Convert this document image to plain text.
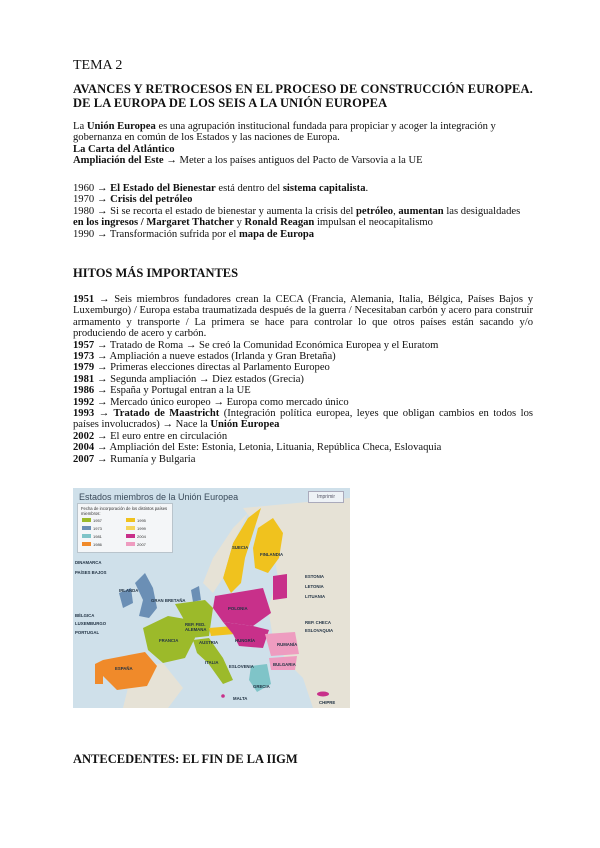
TEMA 2
AVANCES Y RETROCESOS EN EL PROCESO DE CONSTRUCCIÓN EUROPEA.
DE LA EUROPA DE LOS SEIS A LA UNIÓN EUROPEA

La Unión Europea es una agrupación institucional fundada para propiciar y acoger la integración y gobernanza en común de los Estados y las naciones de Europa.

La Carta del Atlántico

Ampliación del Este → Meter a los países antiguos del Pacto de Varsovia a la UE

1960 → El Estado del Bienestar está dentro del sistema capitalista.

1970 → Crisis del petróleo

1980 → Si se recorta el estado de bienestar y aumenta la crisis del petróleo, aumentan las desigualdades

en los ingresos / Margaret Thatcher y Ronald Reagan impulsan el neocapitalismo

1990 → Transformación sufrida por el mapa de Europa

HITOS MÁS IMPORTANTES

1951 → Seis miembros fundadores crean la CECA (Francia, Alemania, Italia, Bélgica, Países Bajos y Luxemburgo) / Europa estaba traumatizada después de la guerra / Necesitaban carbón y acero para construir armamento y transporte / La primera se hace para controlar lo que otros países están sacando y/o produciendo de acero y carbón.

1957 → Tratado de Roma → Se creó la Comunidad Económica Europea y el Euratom

1973 → Ampliación a nueve estados (Irlanda y Gran Bretaña)

1979 → Primeras elecciones directas al Parlamento Europeo

1981 → Segunda ampliación → Diez estados (Grecia)

1986 → España y Portugal entran a la UE

1992 → Mercado único europeo → Europa como mercado único

1993 → Tratado de Maastricht (Integración política europea, leyes que obligan cambios en todos los países involucrados) → Nace la Unión Europea

2002 → El euro entre en circulación

2004 → Ampliación del Este: Estonia, Letonia, Lituania, República Checa, Eslovaquia

2007 → Rumanía y Bulgaria

ANTECEDENTES: EL FIN DE LA IIGM
Estados miembros de la Unión Europea	Imprimir
Fecha de incorporación de los distintos países miembros:
1957
1973
1981
1986
1995
1999
2004
2007
SUECIA
FINLANDIA
DINAMARCA
PAÍSES BAJOS
IRLANDA
GRAN BRETAÑA
BÉLGICA
LUXEMBURGO
PORTUGAL
ESPAÑA
FRANCIA
REP. FED. ALEMANA
POLONIA
ESTONIA
LETONIA
LITUANIA
REP. CHECA
ESLOVAQUIA
AUSTRIA	HUNGRÍA
ESLOVENIA
ITALIA
RUMANÍA
BULGARIA
GRECIA
MALTA
CHIPRE
